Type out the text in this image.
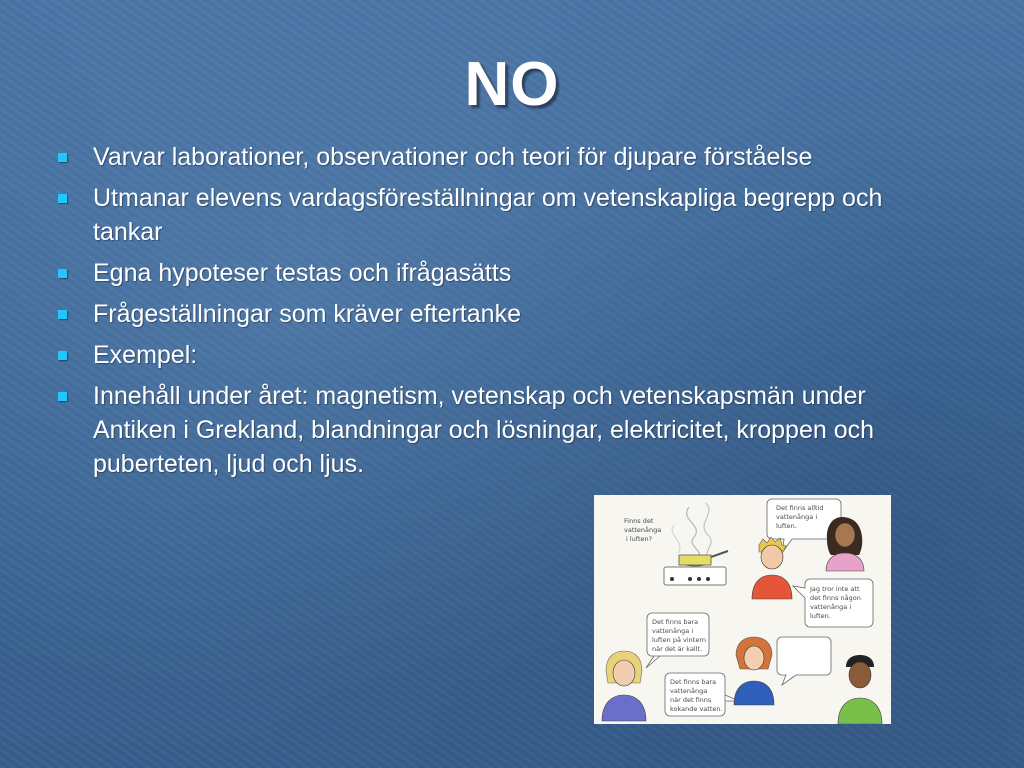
NO
Varvar laborationer, observationer och teori för djupare förståelse
Utmanar elevens vardagsföreställningar om vetenskapliga begrepp och tankar
Egna hypoteser testas och ifrågasätts
Frågeställningar som kräver eftertanke
Exempel:
Innehåll under året: magnetism, vetenskap och vetenskapsmän under Antiken i Grekland, blandningar och lösningar, elektricitet, kroppen och puberteten, ljud och ljus.
Finns det
vattenånga
i luften?
Det finns alltid
vattenånga i
luften.
Jag tror inte att
det finns någon
vattenånga i
luften.
Det finns bara
vattenånga i
luften på vintern
när det är kallt.
Det finns bara
vattenånga
när det finns
kokande vatten.
